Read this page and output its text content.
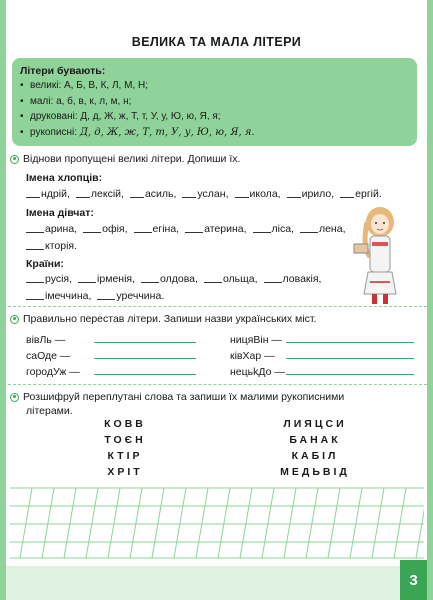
3
ВЕЛИКА ТА МАЛА ЛІТЕРИ
Літери бувають:
• великі: А, Б, В, К, Л, М, Н;
• малі: а, б, в, к, л, м, н;
• друковані: Д, д, Ж, ж, Т, т, У, у, Ю, ю, Я, я;
• рукописні: Д, д, Ж, ж, Т, т, У, у, Ю, ю, Я, я.
Віднови пропущені великі літери. Допиши їх.
Імена хлопців:
ндрій, лексій, асиль, услан, икола, ирило, ергій.
Імена дівчат:
арина, офія, егіна, атерина, ліса, лена,
кторія.
Країни:
русія, ірменія, олдова, ольща, ловакія,
імеччина, уреччина.
Правильно перестав літери. Запиши назви українських міст.
вівЛь —
саОде —
городУж —
ницяВін —
ківХар —
нецьkДо —
Розшифруй переплутані слова та запиши їх малими рукописними
літерами.
КОВВ
ТОЄН
КТІР
ХРІТ
ЛИЯЦСИ
БАНАК
КАБІЛ
МЕДЬВІД
